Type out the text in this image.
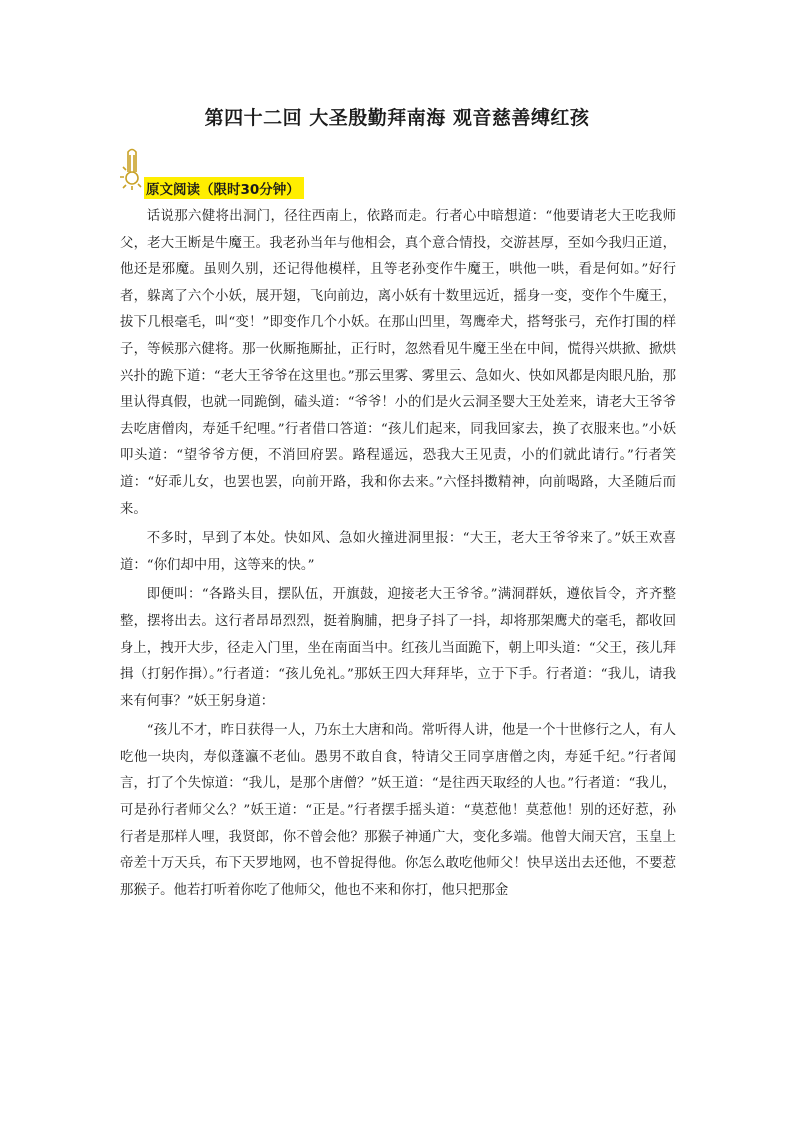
第四十二回 大圣殷勤拜南海 观音慈善缚红孩
原文阅读（限时30分钟）

话说那六健将出洞门，径往西南上，依路而走。行者心中暗想道：“他要请老大王吃我师父，老大王断是牛魔王。我老孙当年与他相会，真个意合情投，交游甚厚，至如今我归正道，他还是邪魔。虽则久别，还记得他模样，且等老孙变作牛魔王，哄他一哄，看是何如。”好行者，躲离了六个小妖，展开翅，飞向前边，离小妖有十数里远近，摇身一变，变作个牛魔王，拔下几根毫毛，叫“变！”即变作几个小妖。在那山凹里，驾鹰牵犬，搭弩张弓，充作打围的样子，等候那六健将。那一伙厮拖厮扯，正行时，忽然看见牛魔王坐在中间，慌得兴烘掀、掀烘兴扑的跪下道：“老大王爷爷在这里也。”那云里雾、雾里云、急如火、快如风都是肉眼凡胎，那里认得真假，也就一同跪倒，磕头道：“爷爷！小的们是火云洞圣婴大王处差来，请老大王爷爷去吃唐僧肉，寿延千纪哩。”行者借口答道：“孩儿们起来，同我回家去，换了衣服来也。”小妖叩头道：“望爷爷方便，不消回府罢。路程遥远，恐我大王见责，小的们就此请行。”行者笑道：“好乖儿女，也罢也罢，向前开路，我和你去来。”六怪抖擞精神，向前喝路，大圣随后而来。

不多时，早到了本处。快如风、急如火撞进洞里报：“大王，老大王爷爷来了。”妖王欢喜道：“你们却中用，这等来的快。”

即便叫：“各路头目，摆队伍，开旗鼓，迎接老大王爷爷。”满洞群妖，遵依旨令，齐齐整整，摆将出去。这行者昂昂烈烈，挺着胸脯，把身子抖了一抖，却将那架鹰犬的毫毛，都收回身上，拽开大步，径走入门里，坐在南面当中。红孩儿当面跪下，朝上叩头道：“父王，孩儿拜揖（打躬作揖）。”行者道：“孩儿免礼。”那妖王四大拜拜毕，立于下手。行者道：“我儿，请我来有何事？”妖王躬身道：

“孩儿不才，昨日获得一人，乃东土大唐和尚。常听得人讲，他是一个十世修行之人，有人吃他一块肉，寿似蓬瀛不老仙。愚男不敢自食，特请父王同享唐僧之肉，寿延千纪。”行者闻言，打了个失惊道：“我儿，是那个唐僧？”妖王道：“是往西天取经的人也。”行者道：“我儿，可是孙行者师父么？”妖王道：“正是。”行者摆手摇头道：“莫惹他！莫惹他！别的还好惹，孙行者是那样人哩，我贤郎，你不曾会他？那猴子神通广大，变化多端。他曾大闹天宫，玉皇上帝差十万天兵，布下天罗地网，也不曾捉得他。你怎么敢吃他师父！快早送出去还他，不要惹那猴子。他若打听着你吃了他师父，他也不来和你打，他只把那金
